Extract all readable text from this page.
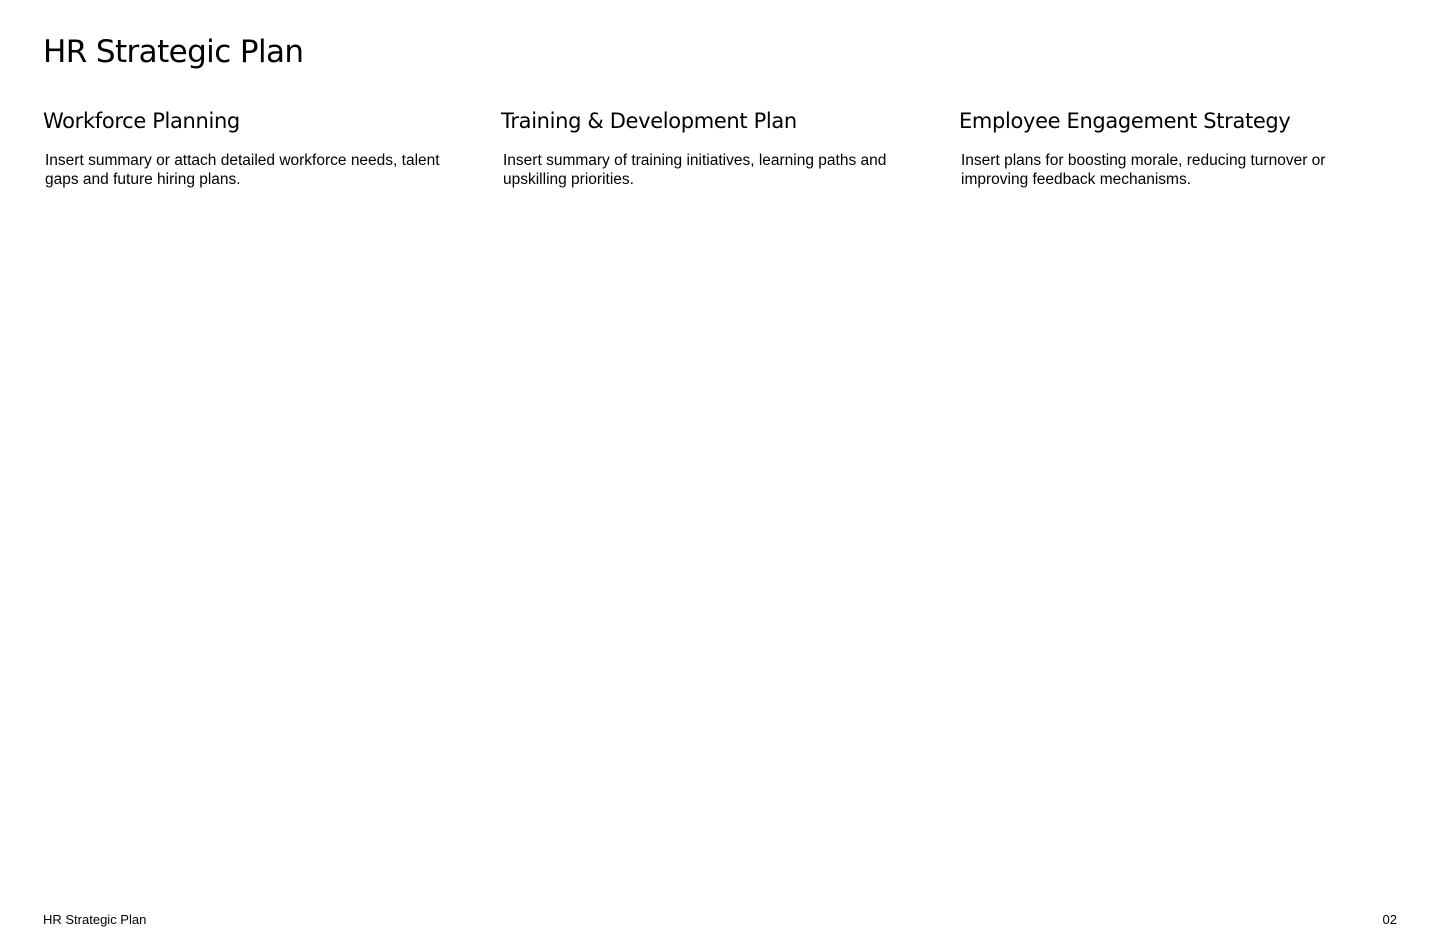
HR Strategic Plan
Workforce Planning

Insert summary or attach detailed workforce needs, talent gaps and future hiring plans.

Training & Development Plan

Insert summary of training initiatives, learning paths and upskilling priorities.

Employee Engagement Strategy

Insert plans for boosting morale, reducing turnover or improving feedback mechanisms.

HR Strategic Plan	02
